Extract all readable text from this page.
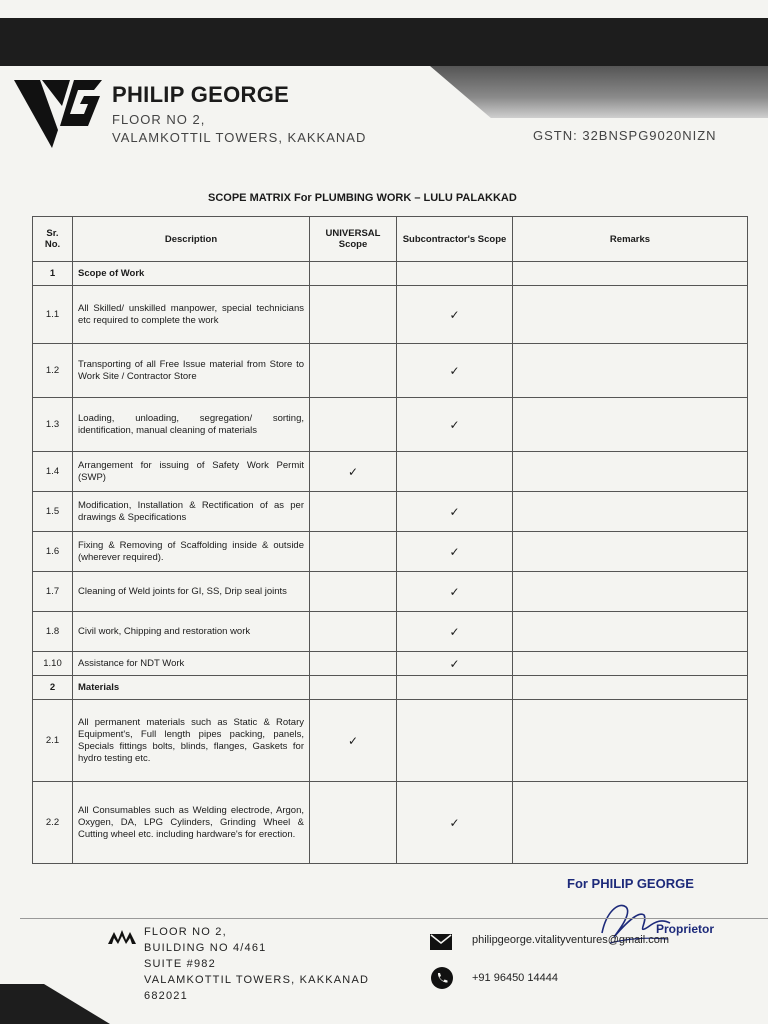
PHILIP GEORGE
FLOOR NO 2,
VALAMKOTTIL TOWERS, KAKKANAD	GSTN: 32BNSPG9020NIZN
SCOPE MATRIX For PLUMBING WORK – LULU PALAKKAD
Sr. No.	Description	UNIVERSAL Scope	Subcontractor's Scope	Remarks
1	Scope of Work			
1.1	All Skilled/ unskilled manpower, special technicians etc required to complete the work		✓	
1.2	Transporting of all Free Issue material from Store to Work Site / Contractor Store		✓	
1.3	Loading, unloading, segregation/ sorting, identification, manual cleaning of materials		✓	
1.4	Arrangement for issuing of Safety Work Permit (SWP)	✓		
1.5	Modification, Installation & Rectification of as per drawings & Specifications		✓	
1.6	Fixing & Removing of Scaffolding inside & outside (wherever required).		✓	
1.7	Cleaning of Weld joints for GI, SS, Drip seal joints		✓	
1.8	Civil work, Chipping and restoration work		✓	
1.10	Assistance for NDT Work		✓	
2	Materials			
2.1	All permanent materials such as Static & Rotary Equipment's, Full length pipes packing, panels, Specials fittings bolts, blinds, flanges, Gaskets for hydro testing etc.	✓		
2.2	All Consumables such as Welding electrode, Argon, Oxygen, DA, LPG Cylinders, Grinding Wheel & Cutting wheel etc. including hardware's for erection.		✓	
For PHILIP GEORGE
Proprietor
FLOOR NO 2,
BUILDING NO 4/461
SUITE #982
VALAMKOTTIL TOWERS, KAKKANAD
682021
philipgeorge.vitalityventures@gmail.com
+91 96450 14444
